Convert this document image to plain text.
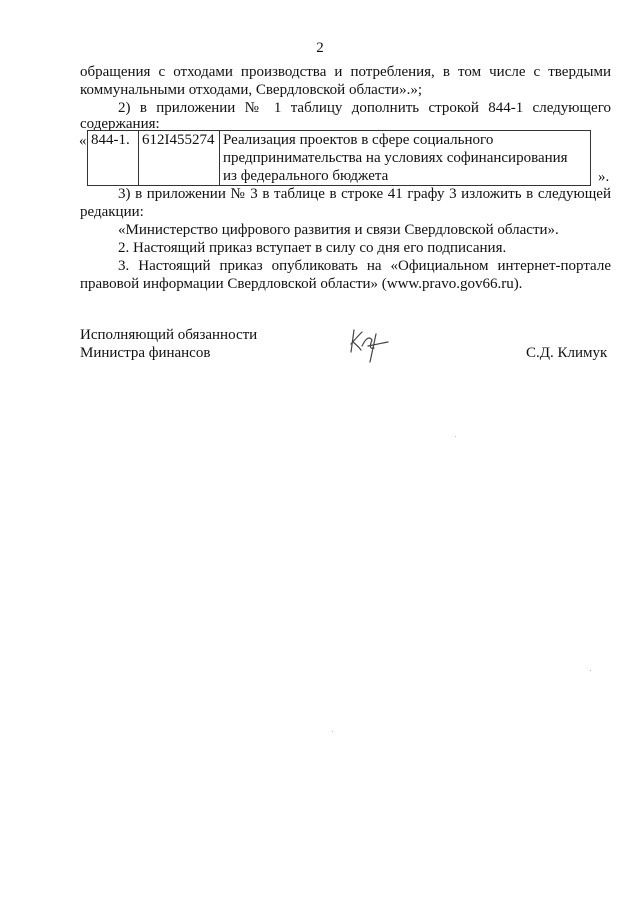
2
обращения с отходами производства и потребления, в том числе с твердыми
коммунальными отходами, Свердловской области».»;
2) в приложении № 1 таблицу дополнить строкой 844-1 следующего
содержания:
« 844-1.	612I455274	Реализация проектов в сфере социального
предпринимательства на условиях софинансирования
из федерального бюджета	».
3) в приложении № 3 в таблице в строке 41 графу 3 изложить в следующей
редакции:
«Министерство цифрового развития и связи Свердловской области».
2. Настоящий приказ вступает в силу со дня его подписания.
3. Настоящий приказ опубликовать на «Официальном интернет-портале
правовой информации Свердловской области» (www.pravo.gov66.ru).
Исполняющий обязанности
Министра финансов	С.Д. Климук
